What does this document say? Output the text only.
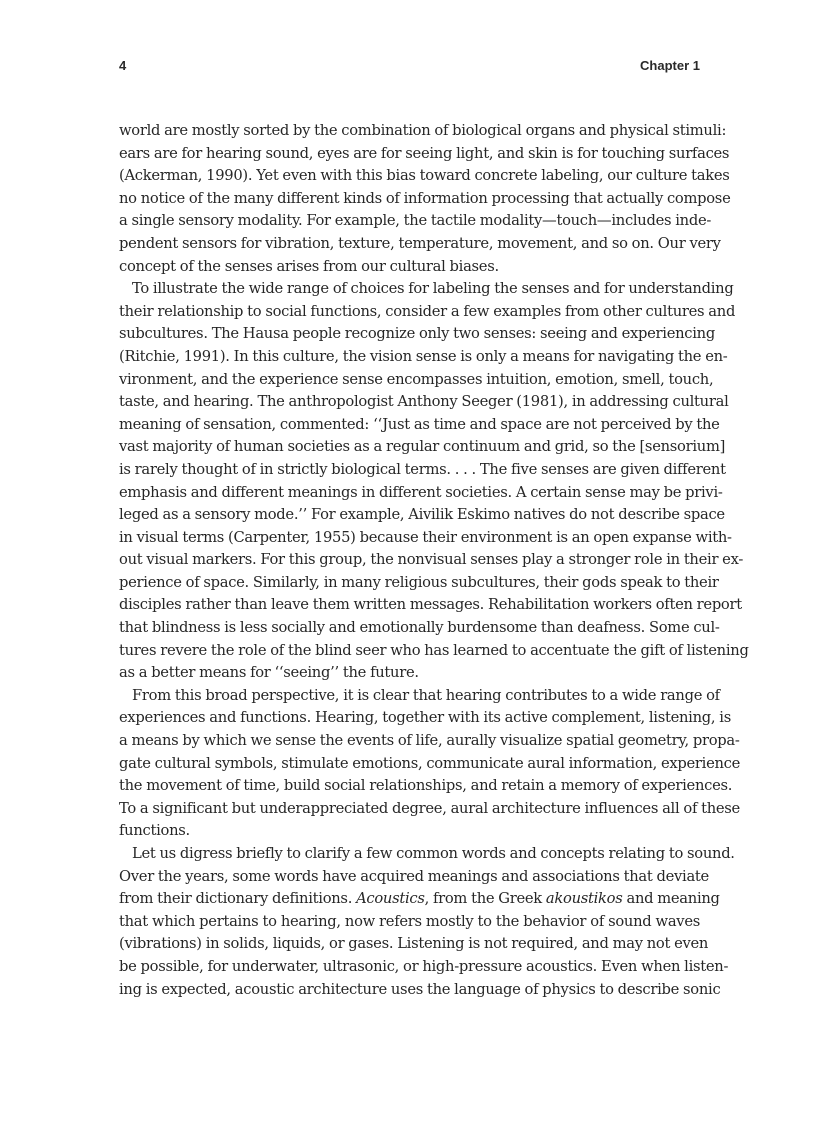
4	Chapter 1
world are mostly sorted by the combination of biological organs and physical stimuli:
ears are for hearing sound, eyes are for seeing light, and skin is for touching surfaces
(Ackerman, 1990). Yet even with this bias toward concrete labeling, our culture takes
no notice of the many different kinds of information processing that actually compose
a single sensory modality. For example, the tactile modality—touch—includes inde-
pendent sensors for vibration, texture, temperature, movement, and so on. Our very
concept of the senses arises from our cultural biases.
To illustrate the wide range of choices for labeling the senses and for understanding
their relationship to social functions, consider a few examples from other cultures and
subcultures. The Hausa people recognize only two senses: seeing and experiencing
(Ritchie, 1991). In this culture, the vision sense is only a means for navigating the en-
vironment, and the experience sense encompasses intuition, emotion, smell, touch,
taste, and hearing. The anthropologist Anthony Seeger (1981), in addressing cultural
meaning of sensation, commented: ‘‘Just as time and space are not perceived by the
vast majority of human societies as a regular continuum and grid, so the [sensorium]
is rarely thought of in strictly biological terms. . . . The five senses are given different
emphasis and different meanings in different societies. A certain sense may be privi-
leged as a sensory mode.’’ For example, Aivilik Eskimo natives do not describe space
in visual terms (Carpenter, 1955) because their environment is an open expanse with-
out visual markers. For this group, the nonvisual senses play a stronger role in their ex-
perience of space. Similarly, in many religious subcultures, their gods speak to their
disciples rather than leave them written messages. Rehabilitation workers often report
that blindness is less socially and emotionally burdensome than deafness. Some cul-
tures revere the role of the blind seer who has learned to accentuate the gift of listening
as a better means for ‘‘seeing’’ the future.
From this broad perspective, it is clear that hearing contributes to a wide range of
experiences and functions. Hearing, together with its active complement, listening, is
a means by which we sense the events of life, aurally visualize spatial geometry, propa-
gate cultural symbols, stimulate emotions, communicate aural information, experience
the movement of time, build social relationships, and retain a memory of experiences.
To a significant but underappreciated degree, aural architecture influences all of these
functions.
Let us digress briefly to clarify a few common words and concepts relating to sound.
Over the years, some words have acquired meanings and associations that deviate
from their dictionary definitions. Acoustics, from the Greek akoustikos and meaning
that which pertains to hearing, now refers mostly to the behavior of sound waves
(vibrations) in solids, liquids, or gases. Listening is not required, and may not even
be possible, for underwater, ultrasonic, or high-pressure acoustics. Even when listen-
ing is expected, acoustic architecture uses the language of physics to describe sonic
